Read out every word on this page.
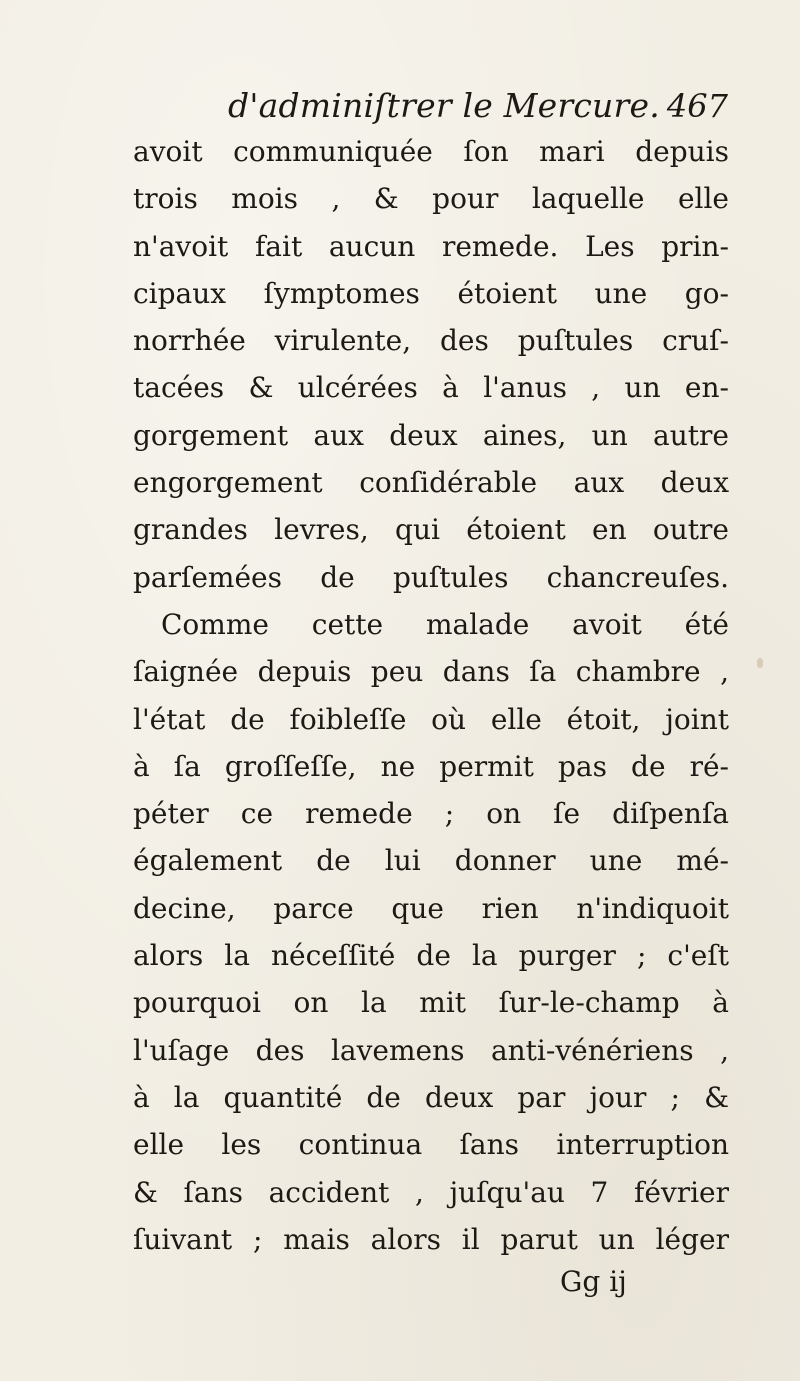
d'adminiſtrer le Mercure. 467
avoit communiquée ſon mari depuis
trois mois , & pour laquelle elle
n'avoit fait aucun remede. Les prin-
cipaux ſymptomes étoient une go-
norrhée virulente, des puſtules cruſ-
tacées & ulcérées à l'anus , un en-
gorgement aux deux aines, un autre
engorgement conſidérable aux deux
grandes levres, qui étoient en outre
parſemées de puſtules chancreuſes.
Comme cette malade avoit été
ſaignée depuis peu dans ſa chambre ,
l'état de foibleſſe où elle étoit, joint
à ſa groſſeſſe, ne permit pas de ré-
péter ce remede ; on ſe diſpenſa
également de lui donner une mé-
decine, parce que rien n'indiquoit
alors la néceſſité de la purger ; c'eſt
pourquoi on la mit ſur-le-champ à
l'uſage des lavemens anti-vénériens ,
à la quantité de deux par jour ; &
elle les continua ſans interruption
& ſans accident , juſqu'au 7 février
ſuivant ; mais alors il parut un léger
Gg ij
